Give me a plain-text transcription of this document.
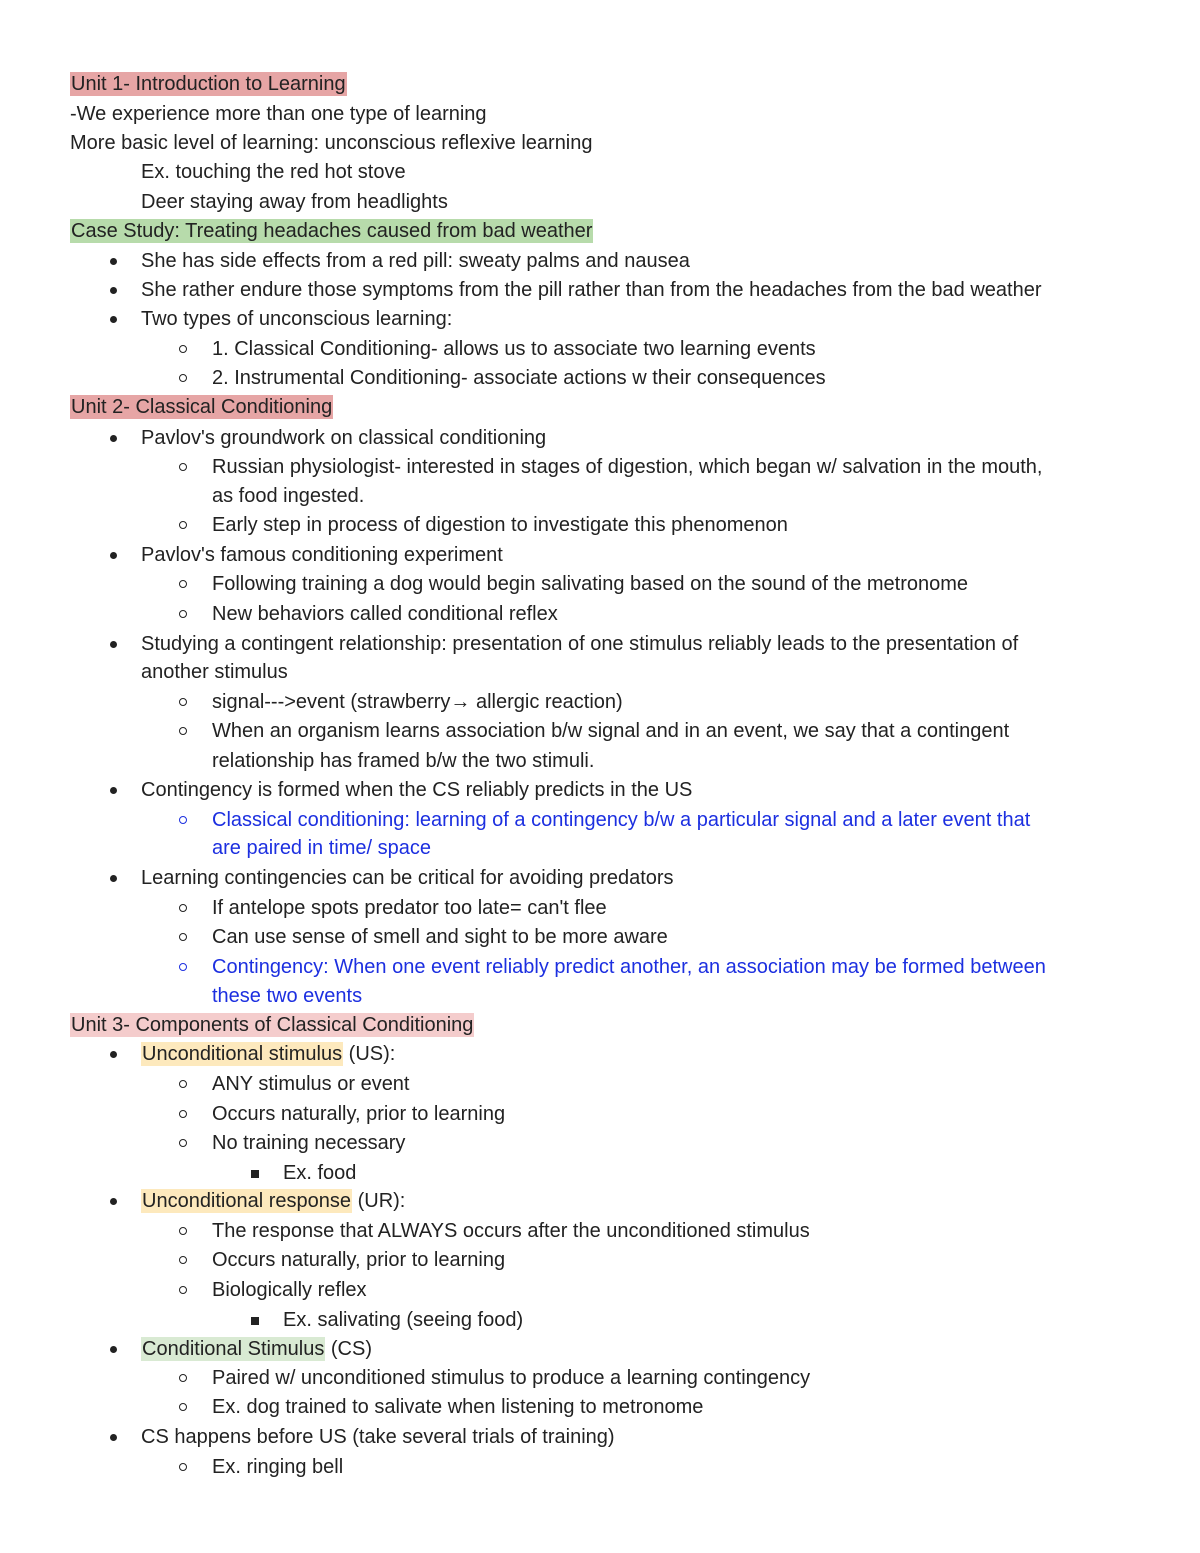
Unit 1- Introduction to Learning
-We experience more than one type of learning
More basic level of learning: unconscious reflexive learning
Ex. touching the red hot stove
Deer staying away from headlights
Case Study: Treating headaches caused from bad weather
She has side effects from a red pill: sweaty palms and nausea
She rather endure those symptoms from the pill rather than from the headaches from the bad weather
Two types of unconscious learning:
1. Classical Conditioning- allows us to associate two learning events
2. Instrumental Conditioning- associate actions w their consequences
Unit 2- Classical Conditioning
Pavlov's groundwork on classical conditioning
Russian physiologist- interested in stages of digestion, which began w/ salvation in the mouth,
as food ingested.
Early step in process of digestion to investigate this phenomenon
Pavlov's famous conditioning experiment
Following training a dog would begin salivating based on the sound of the metronome
New behaviors called conditional reflex
Studying a contingent relationship: presentation of one stimulus reliably leads to the presentation of
another stimulus
signal--->event (strawberry→ allergic reaction)
When an organism learns association b/w signal and in an event, we say that a contingent
relationship has framed b/w the two stimuli.
Contingency is formed when the CS reliably predicts in the US
Classical conditioning: learning of a contingency b/w a particular signal and a later event that
are paired in time/ space
Learning contingencies can be critical for avoiding predators
If antelope spots predator too late= can't flee
Can use sense of smell and sight to be more aware
Contingency: When one event reliably predict another, an association may be formed between
these two events
Unit 3- Components of Classical Conditioning
Unconditional stimulus (US):
ANY stimulus or event
Occurs naturally, prior to learning
No training necessary
Ex. food
Unconditional response (UR):
The response that ALWAYS occurs after the unconditioned stimulus
Occurs naturally, prior to learning
Biologically reflex
Ex. salivating (seeing food)
Conditional Stimulus (CS)
Paired w/ unconditioned stimulus to produce a learning contingency
Ex. dog trained to salivate when listening to metronome
CS happens before US (take several trials of training)
Ex. ringing bell
